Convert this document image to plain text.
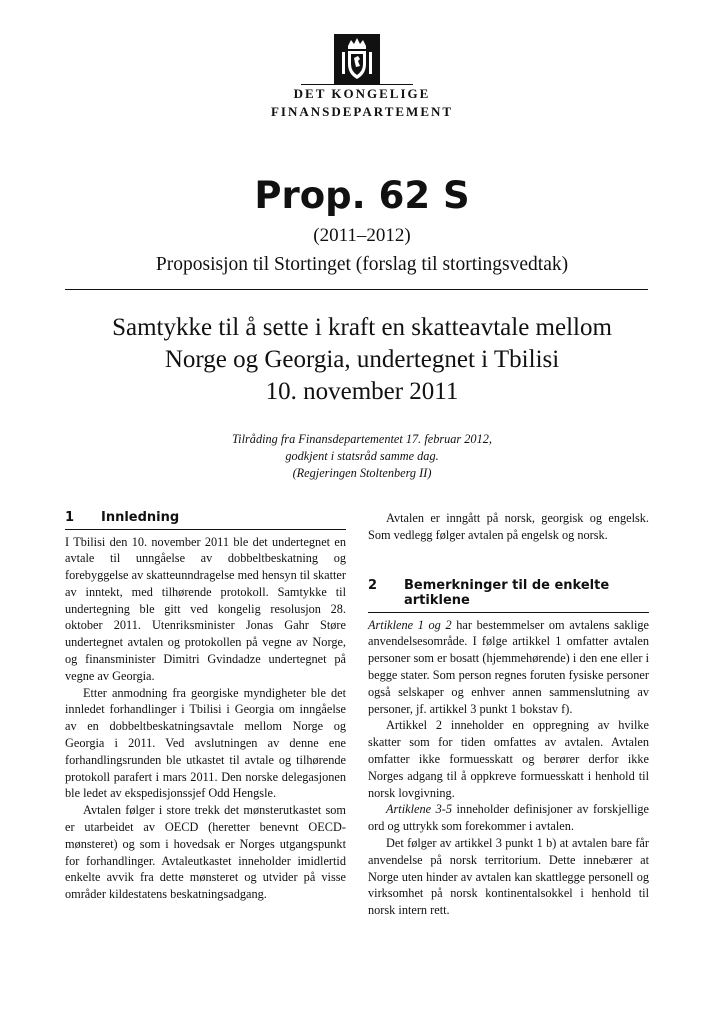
DET KONGELIGE
FINANSDEPARTEMENT
Prop. 62 S
(2011–2012)
Proposisjon til Stortinget (forslag til stortingsvedtak)
Samtykke til å sette i kraft en skatteavtale mellom
Norge og Georgia, undertegnet i Tbilisi
10. november 2011
Tilråding fra Finansdepartementet 17. februar 2012,
godkjent i statsråd samme dag.
(Regjeringen Stoltenberg II)
1	Innledning

I Tbilisi den 10. november 2011 ble det undertegnet en avtale til unngåelse av dobbeltbeskatning og forebyggelse av skatteunndragelse med hensyn til skatter av inntekt, med tilhørende protokoll. Samtykke til undertegning ble gitt ved kongelig resolusjon 28. oktober 2011. Utenriksminister Jonas Gahr Støre undertegnet avtalen og protokollen på vegne av Norge, og finansminister Dimitri Gvindadze undertegnet på vegne av Georgia.

Etter anmodning fra georgiske myndigheter ble det innledet forhandlinger i Tbilisi i Georgia om inngåelse av en dobbeltbeskatningsavtale mellom Norge og Georgia i 2011. Ved avslutningen av denne ene forhandlingsrunden ble utkastet til avtale og tilhørende protokoll parafert i mars 2011. Den norske delegasjonen ble ledet av ekspedisjonssjef Odd Hengsle.

Avtalen følger i store trekk det mønsterutkastet som er utarbeidet av OECD (heretter benevnt OECD-mønsteret) og som i hovedsak er Norges utgangspunkt for forhandlinger. Avtaleutkastet inneholder imidlertid enkelte avvik fra dette mønsteret og utvider på visse områder kildestatens beskatningsadgang.

Avtalen er inngått på norsk, georgisk og engelsk. Som vedlegg følger avtalen på engelsk og norsk.

2	Bemerkninger til de enkelte artiklene

Artiklene 1 og 2 har bestemmelser om avtalens saklige anvendelsesområde. I følge artikkel 1 omfatter avtalen personer som er bosatt (hjemmehørende) i den ene eller i begge stater. Som person regnes foruten fysiske personer også selskaper og enhver annen sammenslutning av personer, jf. artikkel 3 punkt 1 bokstav f).

Artikkel 2 inneholder en oppregning av hvilke skatter som for tiden omfattes av avtalen. Avtalen omfatter ikke formuesskatt og berører derfor ikke Norges adgang til å oppkreve formuesskatt i henhold til norsk lovgivning.

Artiklene 3-5 inneholder definisjoner av forskjellige ord og uttrykk som forekommer i avtalen.

Det følger av artikkel 3 punkt 1 b) at avtalen bare får anvendelse på norsk territorium. Dette innebærer at Norge uten hinder av avtalen kan skattlegge personell og virksomhet på norsk kontinentalsokkel i henhold til norsk intern rett.
